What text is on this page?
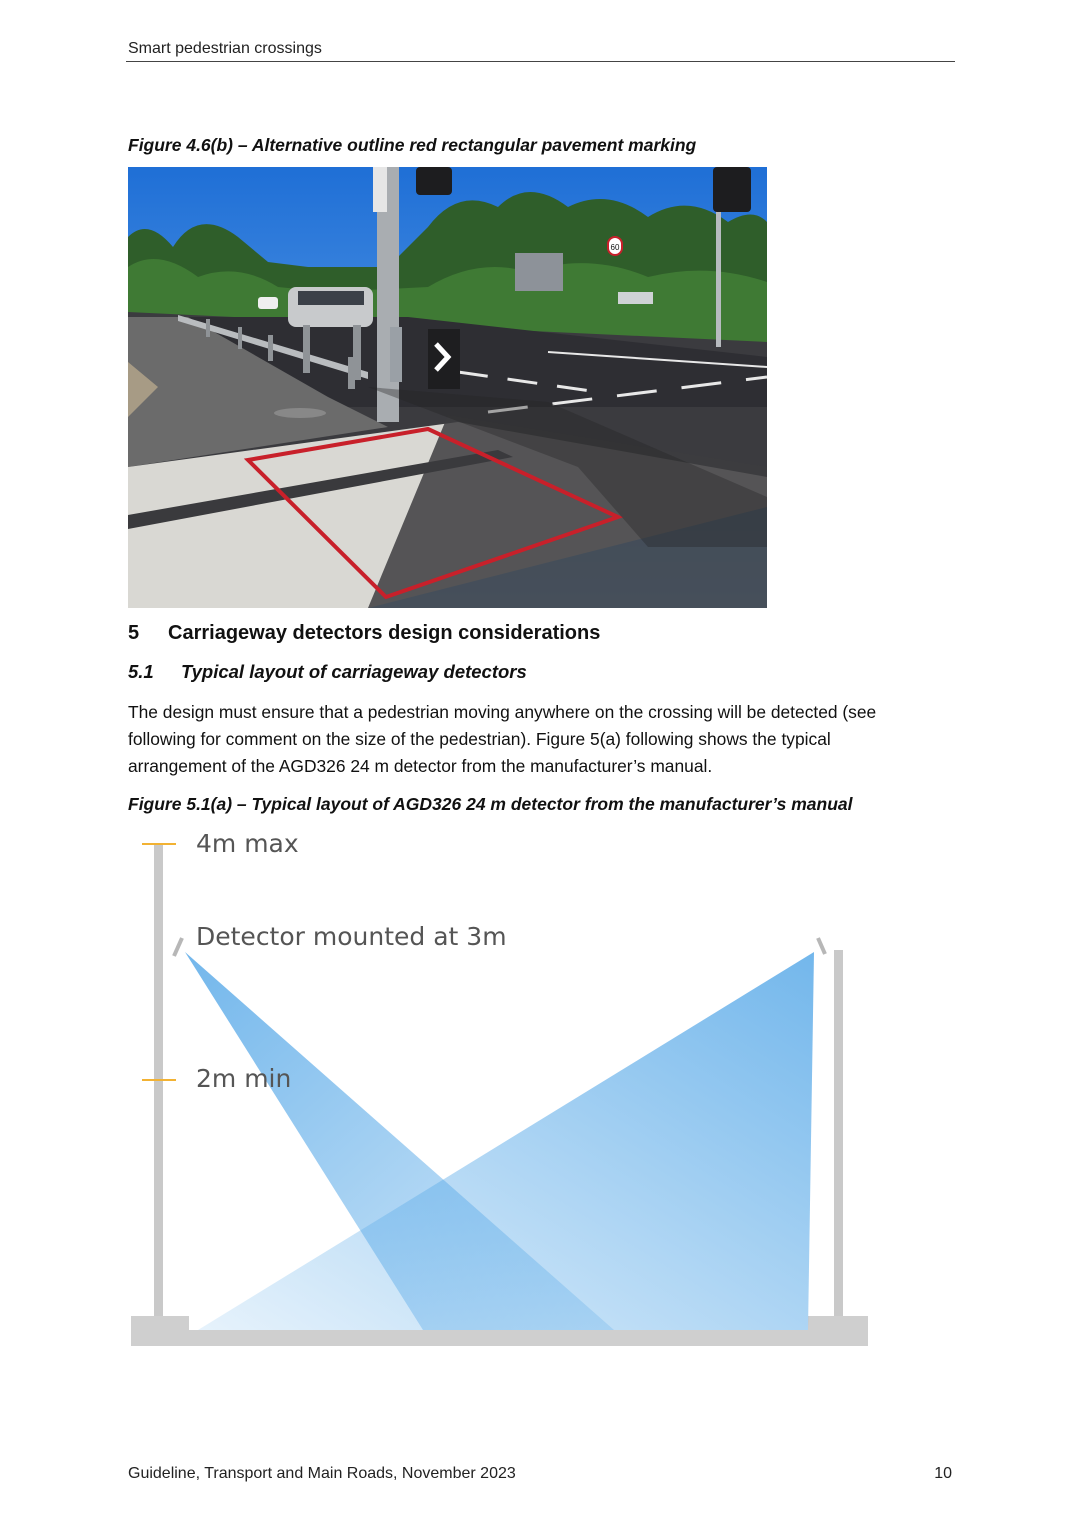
Smart pedestrian crossings
Figure 4.6(b) – Alternative outline red rectangular pavement marking
60
5 Carriageway detectors design considerations
5.1 Typical layout of carriageway detectors
The design must ensure that a pedestrian moving anywhere on the crossing will be detected (see following for comment on the size of the pedestrian). Figure 5(a) following shows the typical arrangement of the AGD326 24 m detector from the manufacturer’s manual.
Figure 5.1(a) – Typical layout of AGD326 24 m detector from the manufacturer’s manual
4m max
Detector mounted at 3m
2m min
Guideline, Transport and Main Roads, November 2023	10
